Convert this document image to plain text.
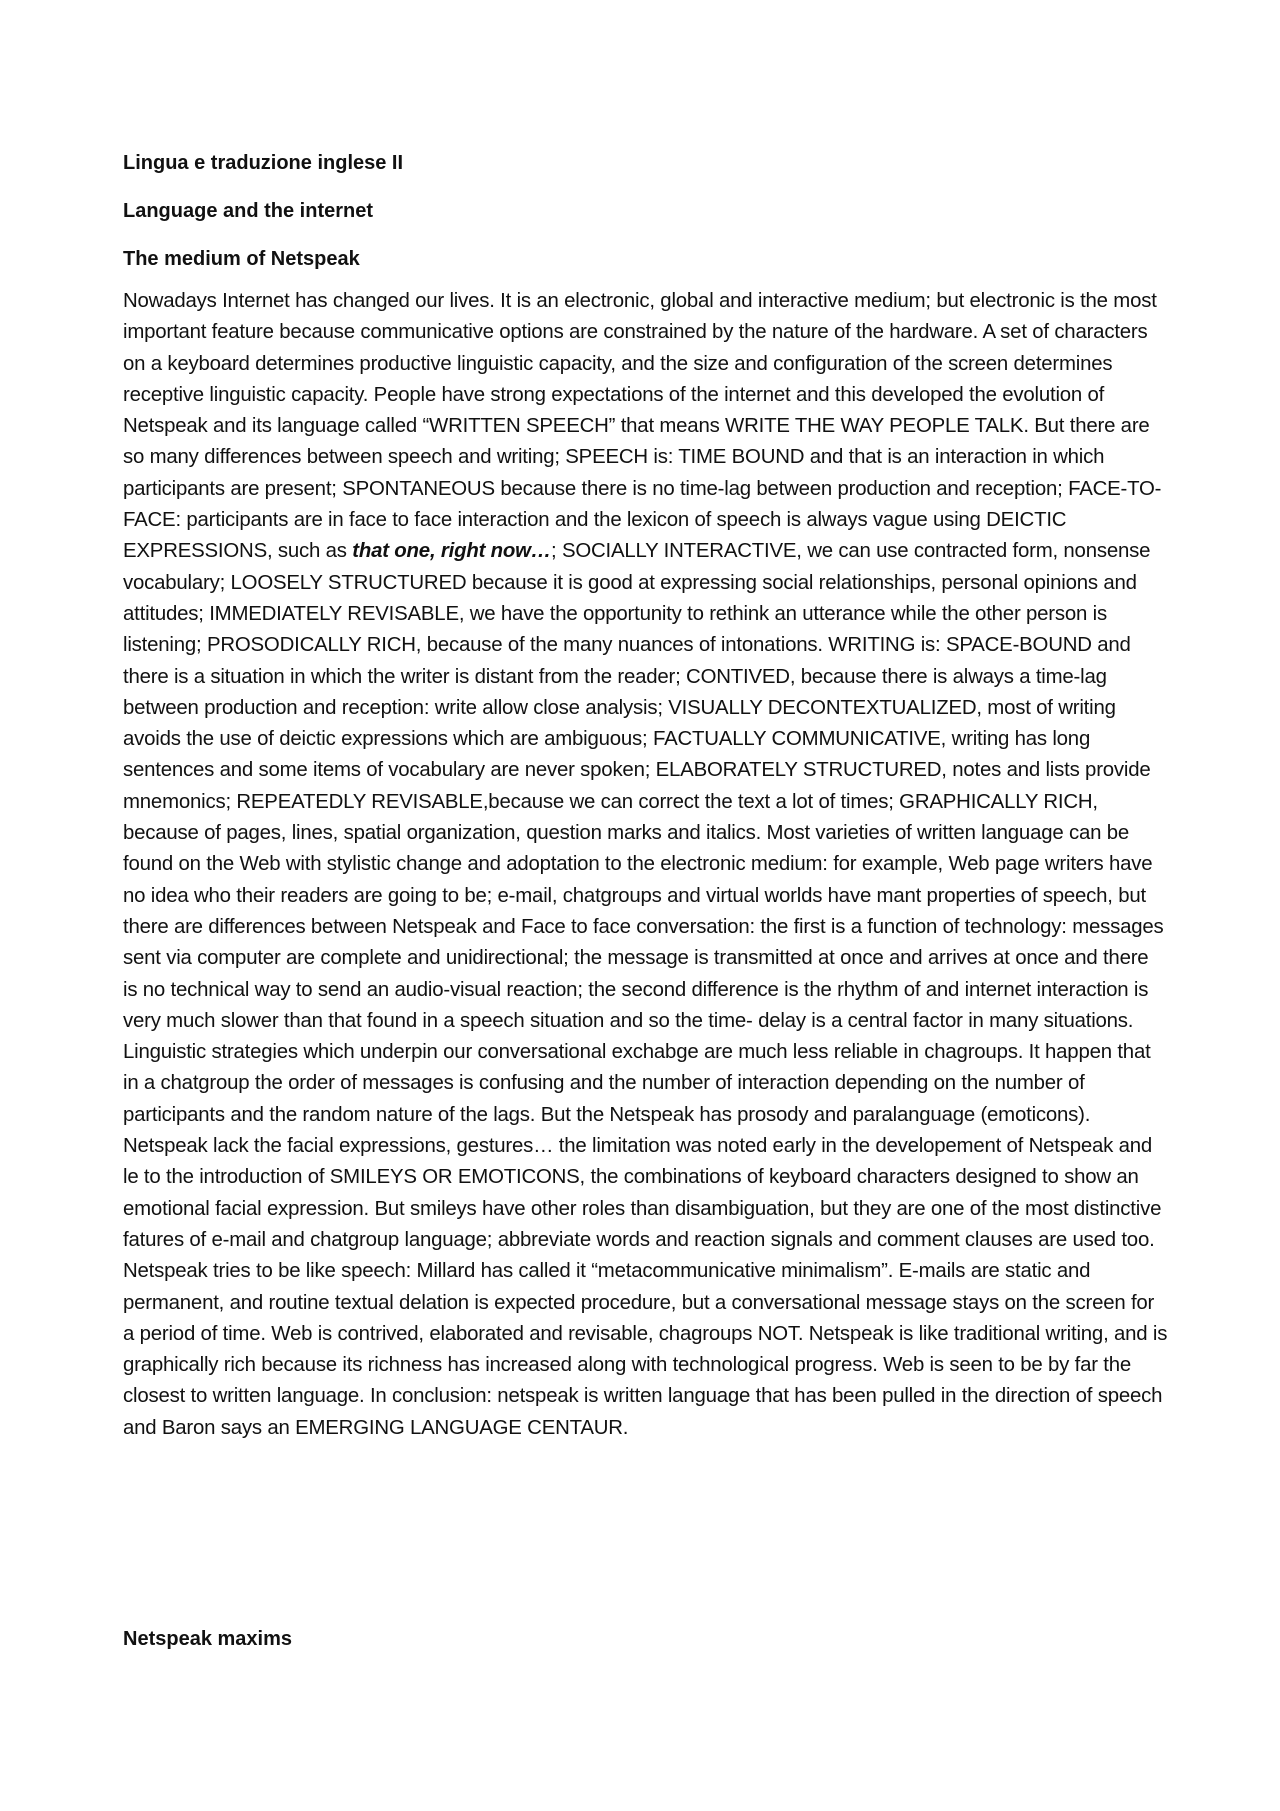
Lingua e traduzione inglese II
Language and the internet
The medium of Netspeak

Nowadays Internet has changed our lives. It is an electronic, global and interactive medium; but electronic is the most important feature because communicative options are constrained by the nature of the hardware. A set of characters on a keyboard determines productive linguistic capacity, and the size and configuration of the screen determines receptive linguistic capacity. People have strong expectations of the internet and this developed the evolution of Netspeak and its language called “WRITTEN SPEECH” that means WRITE THE WAY PEOPLE TALK. But there are so many differences between speech and writing; SPEECH is: TIME BOUND and that is an interaction in which participants are present; SPONTANEOUS because there is no time-lag between production and reception; FACE-TO-FACE: participants are in face to face interaction and the lexicon of speech is always vague using DEICTIC EXPRESSIONS, such as that one, right now…; SOCIALLY INTERACTIVE, we can use contracted form, nonsense vocabulary; LOOSELY STRUCTURED because it is good at expressing social relationships, personal opinions and attitudes; IMMEDIATELY REVISABLE, we have the opportunity to rethink an utterance while the other person is listening; PROSODICALLY RICH, because of the many nuances of intonations. WRITING is: SPACE-BOUND and there is a situation in which the writer is distant from the reader; CONTIVED, because there is always a time-lag between production and reception: write allow close analysis; VISUALLY DECONTEXTUALIZED, most of writing avoids the use of deictic expressions which are ambiguous; FACTUALLY COMMUNICATIVE, writing has long sentences and some items of vocabulary are never spoken; ELABORATELY STRUCTURED, notes and lists provide mnemonics; REPEATEDLY REVISABLE,because we can correct the text a lot of times; GRAPHICALLY RICH, because of pages, lines, spatial organization, question marks and italics. Most varieties of written language can be found on the Web with stylistic change and adoptation to the electronic medium: for example, Web page writers have no idea who their readers are going to be; e-mail, chatgroups and virtual worlds have mant properties of speech, but there are differences between Netspeak and Face to face conversation: the first is a function of technology: messages sent via computer are complete and unidirectional; the message is transmitted at once and arrives at once and there is no technical way to send an audio-visual reaction; the second difference is the rhythm of and internet interaction is very much slower than that found in a speech situation and so the time- delay is a central factor in many situations. Linguistic strategies which underpin our conversational exchabge are much less reliable in chagroups. It happen that in a chatgroup the order of messages is confusing and the number of interaction depending on the number of participants and the random nature of the lags. But the Netspeak has prosody and paralanguage (emoticons). Netspeak lack the facial expressions, gestures… the limitation was noted early in the developement of Netspeak and le to the introduction of SMILEYS OR EMOTICONS, the combinations of keyboard characters designed to show an emotional facial expression. But smileys have other roles than disambiguation, but they are one of the most distinctive fatures of e-mail and chatgroup language; abbreviate words and reaction signals and comment clauses are used too. Netspeak tries to be like speech: Millard has called it “metacommunicative minimalism”. E-mails are static and permanent, and routine textual delation is expected procedure, but a conversational message stays on the screen for a period of time. Web is contrived, elaborated and revisable, chagroups NOT. Netspeak is like traditional writing, and is graphically rich because its richness has increased along with technological progress. Web is seen to be by far the closest to written language. In conclusion: netspeak is written language that has been pulled in the direction of speech and Baron says an EMERGING LANGUAGE CENTAUR.

Netspeak maxims
